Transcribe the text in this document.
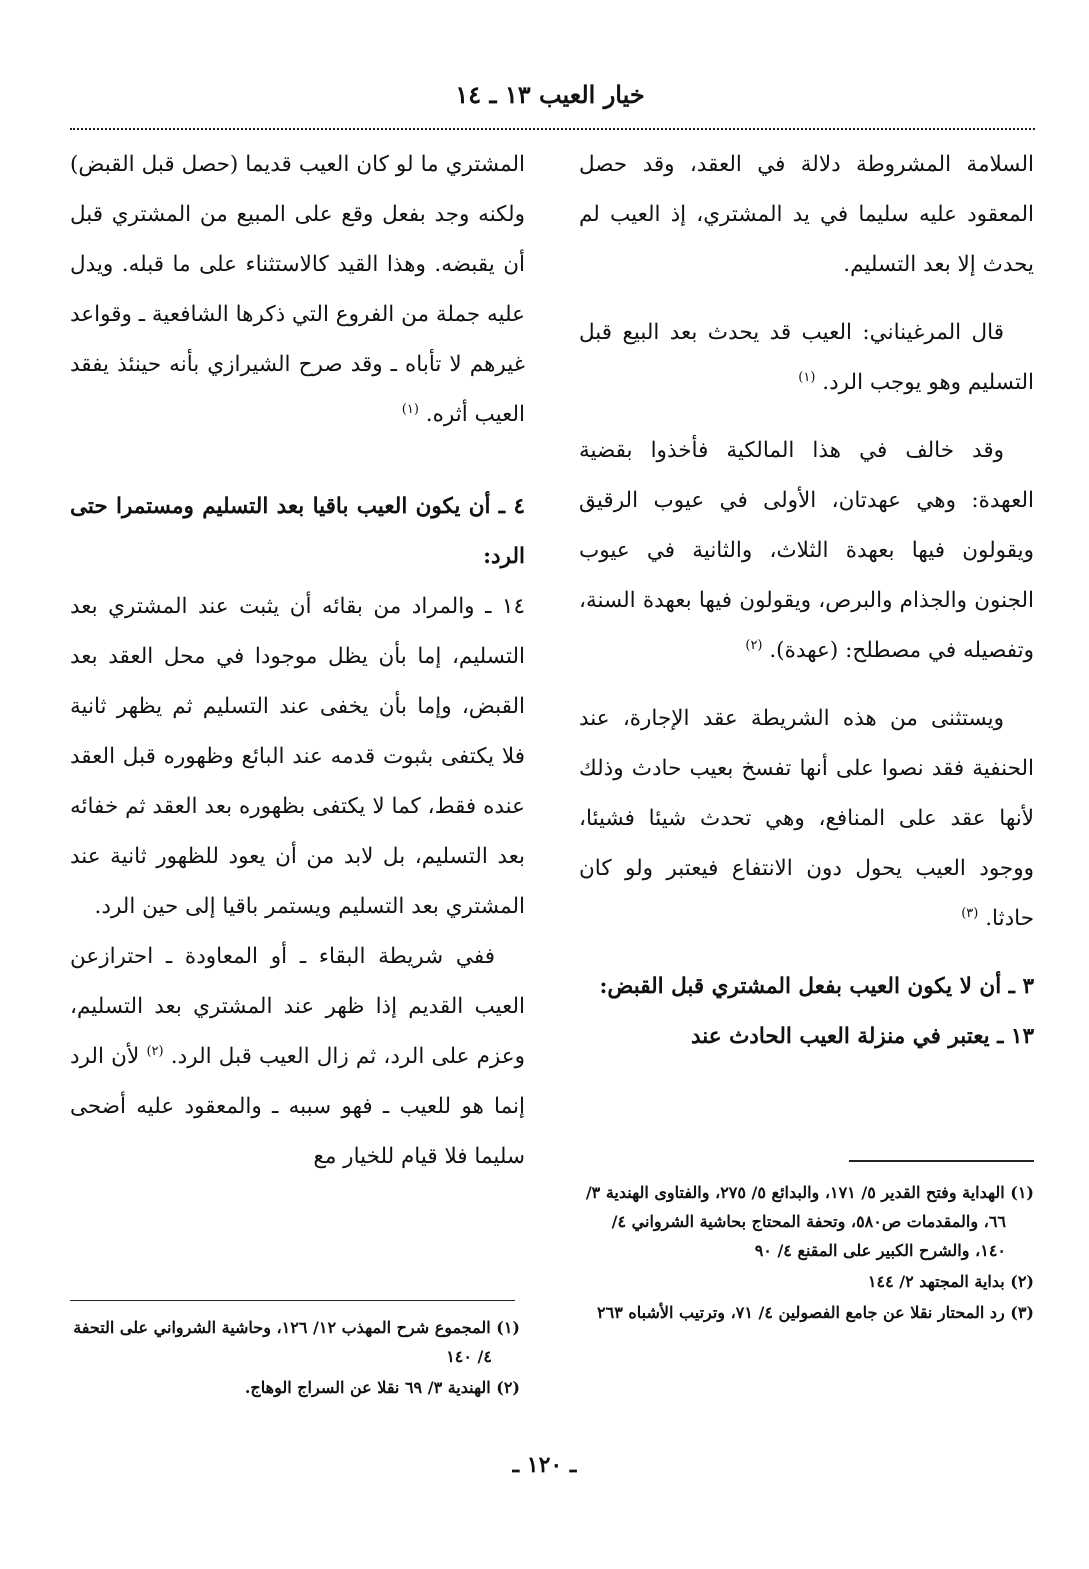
خيار العيب ١٣ ـ ١٤

السلامة المشروطة دلالة في العقد، وقد حصل المعقود عليه سليما في يد المشتري، إذ العيب لم يحدث إلا بعد التسليم.

قال المرغيناني: العيب قد يحدث بعد البيع قبل التسليم وهو يوجب الرد. $^{(١)}$

وقد خالف في هذا المالكية فأخذوا بقضية العهدة: وهي عهدتان، الأولى في عيوب الرقيق ويقولون فيها بعهدة الثلاث، والثانية في عيوب الجنون والجذام والبرص، ويقولون فيها بعهدة السنة، وتفصيله في مصطلح: (عهدة). $^{(٢)}$

ويستثنى من هذه الشريطة عقد الإجارة، عند الحنفية فقد نصوا على أنها تفسخ بعيب حادث وذلك لأنها عقد على المنافع، وهي تحدث شيئا فشيئا، ووجود العيب يحول دون الانتفاع فيعتبر ولو كان حادثا. $^{(٣)}$

٣ ـ أن لا يكون العيب بفعل المشتري قبل القبض:

١٣ ـ يعتبر في منزلة العيب الحادث عند

المشتري ما لو كان العيب قديما (حصل قبل القبض) ولكنه وجد بفعل وقع على المبيع من المشتري قبل أن يقبضه. وهذا القيد كالاستثناء على ما قبله. ويدل عليه جملة من الفروع التي ذكرها الشافعية ـ وقواعد غيرهم لا تأباه ـ وقد صرح الشيرازي بأنه حينئذ يفقد العيب أثره. $^{(١)}$

٤ ـ أن يكون العيب باقيا بعد التسليم ومستمرا حتى الرد:

١٤ ـ والمراد من بقائه أن يثبت عند المشتري بعد التسليم، إما بأن يظل موجودا في محل العقد بعد القبض، وإما بأن يخفى عند التسليم ثم يظهر ثانية فلا يكتفى بثبوت قدمه عند البائع وظهوره قبل العقد عنده فقط، كما لا يكتفى بظهوره بعد العقد ثم خفائه بعد التسليم، بل لابد من أن يعود للظهور ثانية عند المشتري بعد التسليم ويستمر باقيا إلى حين الرد.

ففي شريطة البقاء ـ أو المعاودة ـ احترازعن العيب القديم إذا ظهر عند المشتري بعد التسليم، وعزم على الرد، ثم زال العيب قبل الرد. $^{(٢)}$ لأن الرد إنما هو للعيب ـ فهو سببه ـ والمعقود عليه أضحى سليما فلا قيام للخيار مع

(١) الهداية وفتح القدير ٥/ ١٧١، والبدائع ٥/ ٢٧٥، والفتاوى الهندية ٣/ ٦٦، والمقدمات ص٥٨٠، وتحفة المحتاج بحاشية الشرواني ٤/ ١٤٠، والشرح الكبير على المقنع ٤/ ٩٠
(٢) بداية المجتهد ٢/ ١٤٤
(٣) رد المحتار نقلا عن جامع الفصولين ٤/ ٧١، وترتيب الأشباه ٢٦٣
(١) المجموع شرح المهذب ١٢/ ١٢٦، وحاشية الشرواني على التحفة ٤/ ١٤٠
(٢) الهندية ٣/ ٦٩ نقلا عن السراج الوهاج.
ـ ١٢٠ ـ
